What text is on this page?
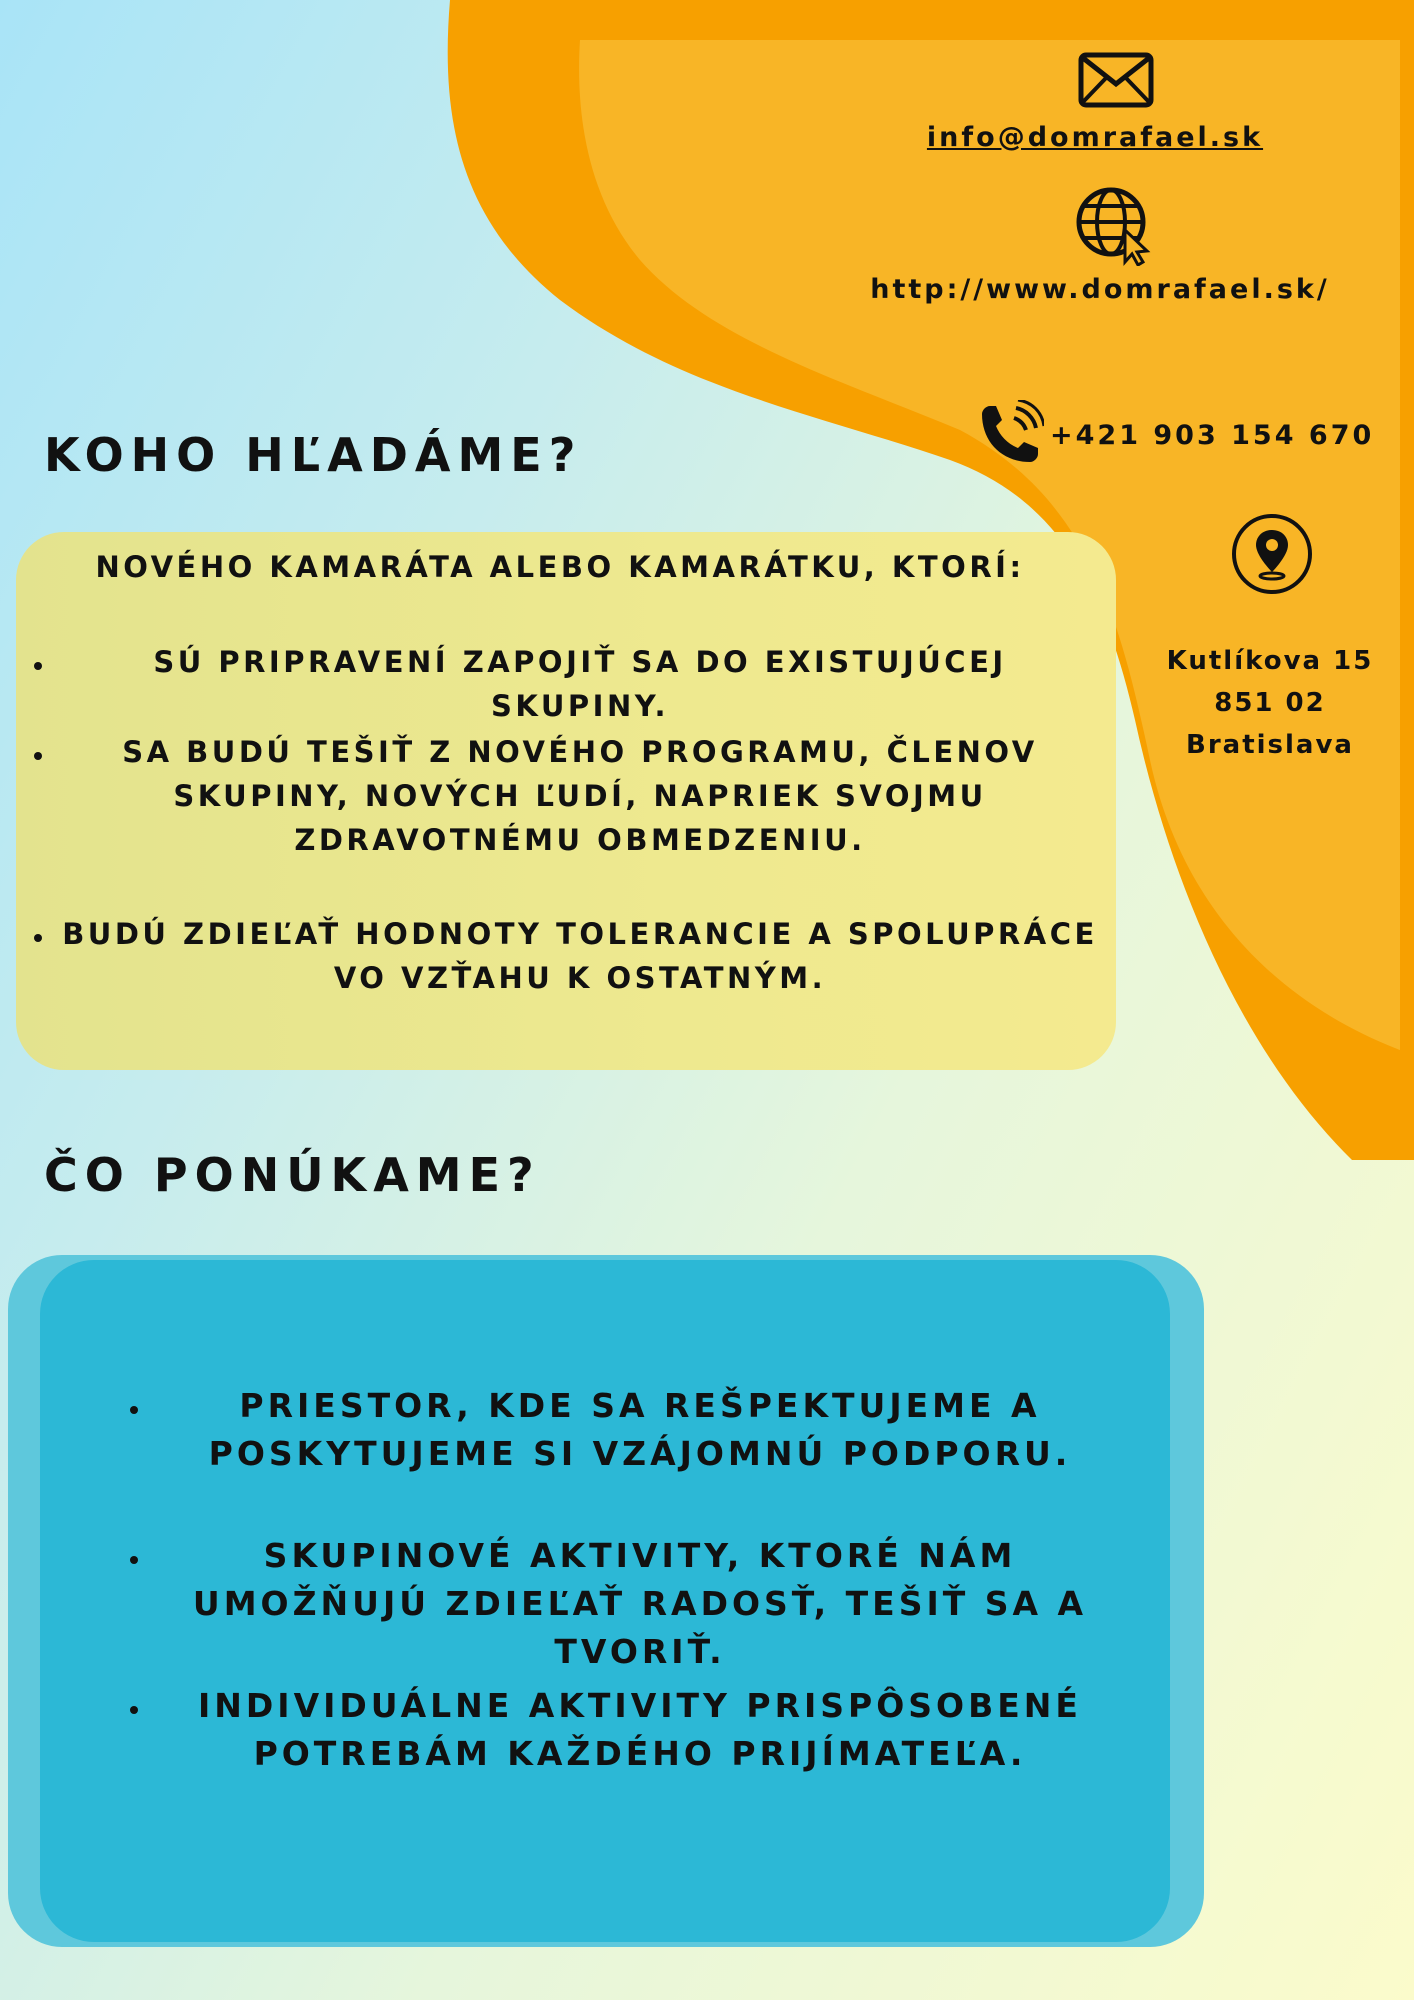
info@domrafael.sk
http://www.domrafael.sk/
+421 903 154 670
Kutlíkova 15
851 02
Bratislava
KOHO HĽADÁME?
NOVÉHO KAMARÁTA ALEBO KAMARÁTKU, KTORÍ:
SÚ PRIPRAVENÍ ZAPOJIŤ SA DO EXISTUJÚCEJ SKUPINY.
SA BUDÚ TEŠIŤ Z NOVÉHO PROGRAMU, ČLENOV SKUPINY, NOVÝCH ĽUDÍ, NAPRIEK SVOJMU ZDRAVOTNÉMU OBMEDZENIU.
BUDÚ ZDIEĽAŤ HODNOTY TOLERANCIE A SPOLUPRÁCE VO VZŤAHU K OSTATNÝM.
ČO PONÚKAME?
PRIESTOR, KDE SA REŠPEKTUJEME A POSKYTUJEME SI VZÁJOMNÚ PODPORU.
SKUPINOVÉ AKTIVITY, KTORÉ NÁM UMOŽŇUJÚ ZDIEĽAŤ RADOSŤ, TEŠIŤ SA A TVORIŤ.
INDIVIDUÁLNE AKTIVITY PRISPÔSOBENÉ POTREBÁM KAŽDÉHO PRIJÍMATEĽA.
